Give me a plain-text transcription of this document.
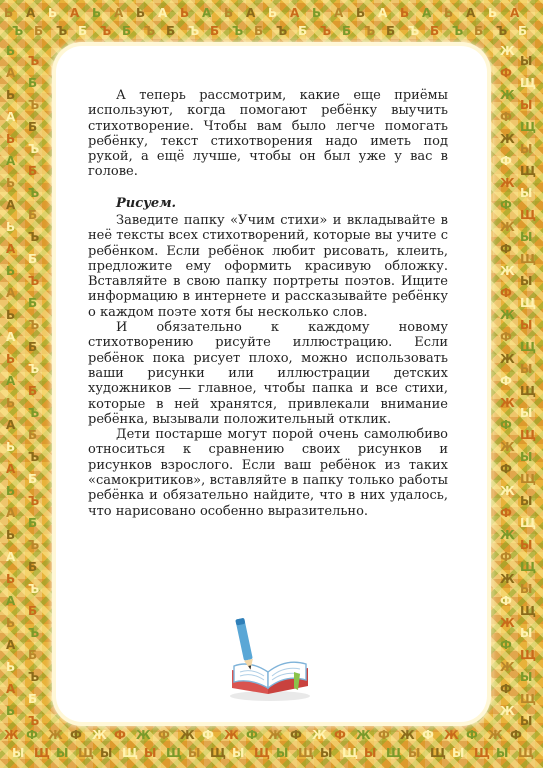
Ь
Ъ
Ж
Ы
А
Б
Ф
Щ
Ь
Ъ
Ж
Ы
А
Б
Ф
Щ
Ь
Ъ
Ж
Ы
А
Б
Ф
Щ
Ь
Ъ
Ж
Ы
А
Б
Ф
Щ
Ь
Ъ
Ж
Ы
А
Б
Ф
Щ
Ь
Ъ
Ж
Ы
А
Б
Ф
Щ
Ь
Ъ
Ж
Ы
А
Б
Ф
Щ
Ь
Ъ
Ж
Ы
А
Б
Ф
Щ
Ь
Ъ
Ж
Ы
А
Б
Ф
Щ
Ь
Ъ
Ж
Ы
А
Б
Ф
Щ
Ь
Ъ
Ж
Ы
А
Б
Ф
Щ
Ь
Ъ
Ж
Ы
А
Б
Ф
Щ
Ь
Ъ
Ж
Ы
А
Б
Ф
Щ
Ь
Ъ
Ж
Ы
А
Б
Ф
Щ
Ь
Ъ
Ж
Ы
А
Б
Ф
Щ
Ь
Ъ
Ж
Ы
А
Б
Ф
Щ
Ь
Ъ
Ж
Ы
А
Б
Ф
Щ
Ь
Ъ
Ж
Ы
А
Б
Ф
Щ
Ь
Ъ
Ж
Ы
А
Б
Ф
Щ
Ь
Ъ
Ж
Ы
А
Б
Ф
Щ
Ь
Ъ
Ж
Ы
А
Б
Ф
Щ
Ь
Ъ
Ж
Ы
А
Б
Ф
Щ
Ь
Ъ
Ж
Ы
А
Б
Ф
Щ
Ь
Ъ
Ж
Ы
А
Б
Ф
Щ
Ь
Ъ
Ж
Ы
А
Б
Ф
Щ
Ь
Ъ
Ж
Ы
А
Б
Ф
Щ
Ь
Ъ
Ж
Ы
А
Б
Ф
Щ
Ь
Ъ
Ж
Ы

А теперь рассмотрим, какие еще приёмы используют, когда помогают ребёнку выучить стихотворение. Чтобы вам было легче помогать ребёнку, текст стихотворения надо иметь под рукой, а ещё лучше, чтобы он был уже у вас в голове.

Рисуем.

Заведите папку «Учим стихи» и вкладывайте в неё тексты всех стихотворений, которые вы учите с ребёнком. Если ребёнок любит рисовать, клеить, предложите ему оформить красивую обложку. Вставляйте в свою папку портреты поэтов. Ищите информацию в интернете и рассказывайте ребёнку о каждом поэте хотя бы несколько слов.

И обязательно к каждому новому стихотворению рисуйте иллюстрацию. Если ребёнок пока рисует плохо, можно использовать ваши рисунки или иллюстрации детских художников — главное, чтобы папка и все стихи, которые в ней хранятся, привлекали внимание ребёнка, вызывали положительный отклик.

Дети постарше могут порой очень самолюбиво относиться к сравнению своих рисунков и рисунков взрослого. Если ваш ребёнок из таких «самокритиков», вставляйте в папку только работы ребёнка и обязательно найдите, что в них удалось, что нарисовано особенно выразительно.
